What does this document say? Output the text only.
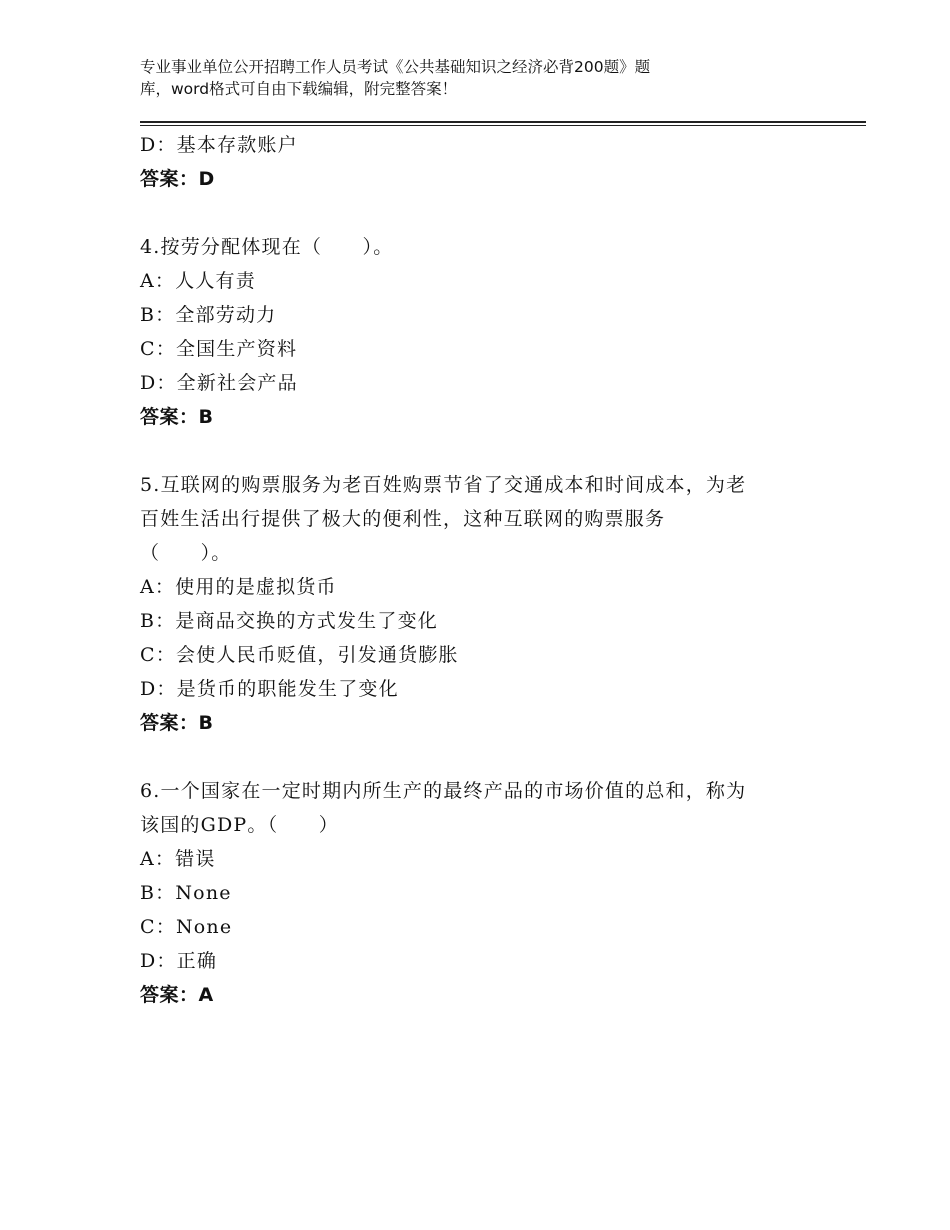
专业事业单位公开招聘工作人员考试《公共基础知识之经济必背200题》题
库，word格式可自由下载编辑，附完整答案！
D：基本存款账户
答案：D
4.按劳分配体现在（　　）。
A：人人有责
B：全部劳动力
C：全国生产资料
D：全新社会产品
答案：B
5.互联网的购票服务为老百姓购票节省了交通成本和时间成本，为老
百姓生活出行提供了极大的便利性，这种互联网的购票服务
（　　）。
A：使用的是虚拟货币
B：是商品交换的方式发生了变化
C：会使人民币贬值，引发通货膨胀
D：是货币的职能发生了变化
答案：B
6.一个国家在一定时期内所生产的最终产品的市场价值的总和，称为
该国的GDP。（　　）
A：错误
B：None
C：None
D：正确
答案：A
